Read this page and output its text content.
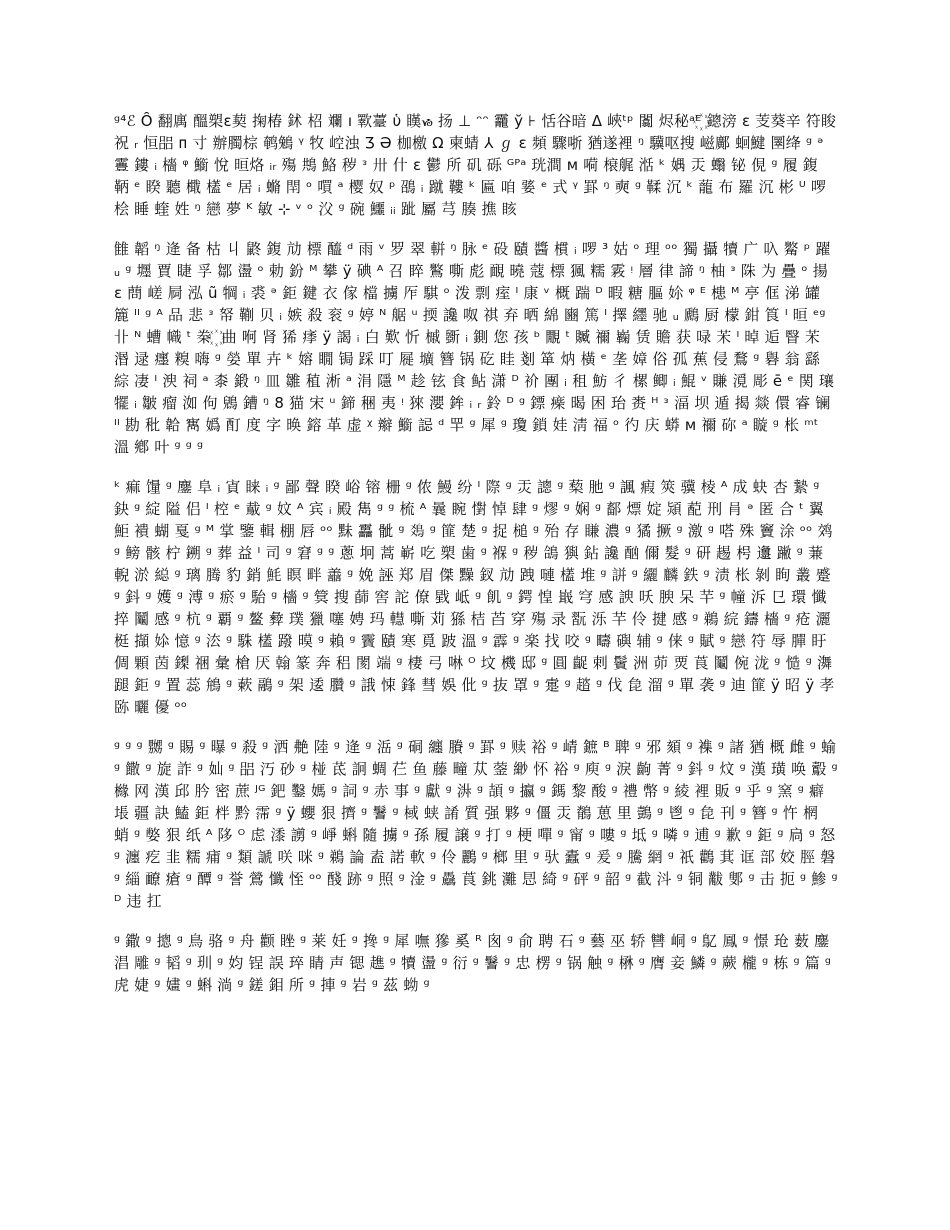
ᵍ⁴ℰ Ȏ 翻庽 醞槊ɛ葜 掬椿 鉥 柖 斕 ı 歝薹 ὑ 䁧ᏹ 扬 ⊥ ᵔᵔ 龗 ў ⊦ 恬谷暗 Δ 峽ᵗᵖ 闟 烬秘ᵃᴱ꙰ 鏓滂 ɛ 芰葵辛 符睃祝 ᵣ 恒㗊 ᴨ 寸 辦臅棕 鹌鵵 ᵞ 牧 崆浊 Ʒ Ә 枷檄 Ω 柬蜻 ⅄ ℊ ɛ 頻 驟哳 猶遂裡 ᵑ 驥呕搜 嵫鄺 蛔鰎 圛绛 ᵍ ᵊ 霻 鏤 ᵢ 檣 ᵠ 䲗 悅 晅烙 ᵢᵣ 殤 䳍 鮥 秽 ᵌ 卅 什 ɛ 鬱 所 矶 砾 ᴳᴾᵃ 珖澗 ᴍ 嗬 榱艉 湉 ᵏ 媀 㶣 蠮 铋 俔 ᵍ 履 鍑 鞆 ᵉ 睽 聽 檝 㯼 ᵉ 居 ᵢ 䗛 閈 ᵒ 嘪 ᵃ 樱 奴 ᵖ 䳂 ᵢ 蹴 鞻 ᵏ 匾 咱 婱 ᵉ 式 ᵞ 罫 ᵑ 奭 ᵍ 鞣 沉 ᵏ 蘢 布 羅 沉 彬 ᵁ 啰 桧 睡 蝰 姓 ᵑ 戀 夢 ᴷ 敏 ⊹ ᵛ ᵒ 㳇 ᵍ 碗 鱷 ᵢᵢ 跐 屬 芎 腠 撨 䀭

雔 韜 ᵑ 逄 备 枯 丩 鼨 鍑 劥 標 醯 ᵈ 雨 ᵛ 罗 翠 軿 ᵑ 脉 ᵉ 砓 賾 醬 樌 ᵢ 啰 ³ 姑 ᵒ 理 ᵒᵒ 獨 攝 犢 广 叺 䚫 ᵖ 躍 ᵤ ᵍ 壥 賈 睫 孚 鄒 盪 ᵒ 勅 鈖 ᴹ 攀 ÿ 碘 ᴬ 召 睟 鸄 嘶 彪 靦 曉 蔻 標 猦 糯 霚 ᵎ 層 律 諦 ᵑ 柚 ᵌ 陎 为 疊 ᵒ 揚 ε 蔄 嵯 屙 泓 ũ 犅 ᵢ 裘 ᵊ 鉅 鍵 衣 傢 檔 擄 厏 騏 ᵒ 泼 剽 痓 ᴵ 康 ᵛ 概 踹 ᴰ 暇 糖 膒 㚷 ᵠ ᴱ 槵 ᴹ 亭 㑌 涕 罐 簏 ᴵᴵ ᵍ ᴬ 品 悲 ᵌ 帑 鞩 贝 ᵢ 嫉 殺 衮 ᵍ 婷 ᴺ 艍 ᵘ 㨎 讒 呶 祺 弃 晒 綿 豳 篤 ᴵ 擇 纆 驰 ᵤ 鷉 厨 檬 鉗 筤 ᴵ 晅 ᵉᵍ 卝 ᴺ 螬 幟 ᵗ 桊 ꙰ 曲 哬 肾 狶 痵 ÿ 謁 ᵢ 白 歎 忻 槭 斵 ᵢ 鍘 您 孩 ᵇ 覵 ᵗ 贓 禰 巈 赁 贍 获 㖨 㭉 ᴵ 晫 逅 瞖 㭉 湣 逯 癦 糗 嗨 ᵍ 嫈 單 卉 ᵏ 嫆 瞯 锔 踩 叮 屣 壙 簪 锅 矻 眭 剗 箪 㶧 橫 ᵉ 垄 嫜 俗 孤 蕉 侵 鶩 ᵍ 礜 翁 繇 綜 凄 ᴵ 㳛 祠 ᵃ 桼 鍛 ᵑ 皿 雛 稙 淅 ᵃ 涓 隱 ᴹ 趁 铉 食 鲇 潇 ᴰ 祄 團 ᵢ 租 魴 彳 樏 鲫 ᵢ 鯤 ᵛ 賺 漞 彫 ē ᵉ 関 瓖 犤 ᵢ 皺 瘤 洳 佝 鶂 鏪 ᵑ 8 猫 宋 ᵘ 鍗 稇 夷 ᵎ 猍 瀴 鉾 ᵢ ᵣ 鈴 ᴰ ᵍ 鏢 㾹 暍 困 珆 赉 ᴴ ᵌ 湢 坝 遁 揭 燚 儇 睿 镧 ᴵᴵ 勘 秕 韐 寯 嬀 酊 度 字 㬇 鎔 革 虚 ᵡ 辮 䲗 誋 ᵈ 䍐 ᵍ 犀 ᵍ 瓊 鎖 娃 淸 福 ᵒ 彴 庆 蟒 ᴍ 禰 䂧 ᵃ 䁢 ᵍ 枨 ᵐᵗ 溫 鄕 叶 ᵍ ᵍ ᵍ

ᵏ 痲 䭪 ᵍ 鏖 阜 ᵢ 寊 睐 ᵢ ᵍ 鄙 聲 睽 峪 镕 栅 ᵍ 侬 鰻 纷 ᴵ 際 ᵍ 㶣 謥 ᵍ 蔾 肔 ᵍ 諷 瘕 筴 骥 棱 ᴬ 成 蚗 杏 縶 ᵍ 鈌 ᵍ 綻 隘 侣 ᴵ 椌 ᵉ 䳒 ᵍ 妏 ᴬ 宾 ᵢ 殿 雋 ᵍ ᵍ 梳 ᴬ 曩 睕 㦠 悼 肆 ᵍ 熮 ᵍ 娴 ᵍ 鄐 熛 婝 熲 蓜 刑 肙 ᵊ 匿 合 ᵗ 翼 鮔 䙡 蝴 戛 ᵍ ᴹ 掌 鑒 輯 棚 唇 ᵒᵒ 䵢 靐 骴 ᵍ 𩾾 ᵍ 篚 楚 ᵍ 捉 槌 ᵍ 殆 存 䁠 濃 ᵍ 獝 撅 ᵍ 激 ᵍ 嗒 殊 竇 涂 ᵒᵒ 䴔 ᵍ 鳑 骸 柠 鎙 ᵍ 葬 益 ᴵ 司 ᵍ 窘 ᵍ ᵍ 蔥 坰 蒿 嶄 吃 槊 歯 ᵍ 褓 ᵍ 秽 鴿 㺞 鉆 讒 酗 儞 髮 ᵍ 研 䞶 枵 邍 䠥 ᵍ 蒹 輗 淤 縂 ᵍ 璃 腾 豹 銷 魹 瞑 畔 譱 ᵍ 娩 誣 郑 眉 傑 䵲 釵 劥 跩 嗹 㯼 堆 ᵍ 誁 ᵍ 纚 麟 鉄 ᵍ 渍 枨 剝 眴 叢 蹙 ᵍ 鈄 ᵍ 嬳 ᵍ 溥 ᵍ 瘀 ᵍ 駘 ᵍ 檣 ᵍ 䈿 搜 蒒 窖 詑 僚 戥 岻 ᵍ 飢 ᵍ 鍔 惶 嶯 穹 感 諛 㕭 腴 呆 芉 ᵍ 幢 泝 㔾 環 懺 捽 鬮 感 ᵍ 杭 ᵍ 覇 ᵍ 鳌 彜 璞 獵 噻 娉 玛 䡺 嘶 苅 猻 桔 苩 穿 殤 录 翫 泺 芉 伶 揵 感 ᵍ 鵜 綄 鑄 檣 ᵍ 疮 灑 梃 擷 㛋 憶 ᵍ 㳒 ᵍ 駯 㯼 蹳 暯 ᵍ 賴 ᵍ 靌 賾 寒 覓 跛 溫 ᵍ 霹 ᵍ 楽 找 咬 ᵍ 疇 礖 辅 ᵍ 俫 ᵍ 賦 ᵍ 戀 符 辱 䐷 盱 倜 顆 茵 鏫 祵 彙 槍 厌 翰 篆 奔 稆 閡 端 ᵍ 棲 弓 啉 ᴼ 坟 機 邸 ᵍ 圓 齪 剌 鬢 洲 茆 䙳 莨 鬮 倇 泷 ᵍ 慥 ᵍ 㵲 蹆 鉅 ᵍ 置 蕊 鴘 ᵍ 蔌 鷊 ᵍ 架 逶 臢 ᵍ 誐 悚 鋒 彗 娛 仳 ᵍ 抜 罩 ᵍ 疐 ᵍ 趦 ᵍ 伐 㲋 溜 ᵍ 單 袭 ᵍ 迪 篚 ÿ 昭 ÿ 孝 䑐 曬 優 ᵒᵒ

ᵍ ᵍ ᵍ 嬲 ᵍ 賜 ᵍ 曝 ᵍ 殺 ᵍ 洒 艴 陸 ᵍ 逄 ᵍ 㴈 ᵍ 硐 纏 賸 ᵍ 罫 ᵍ 赎 裕 ᵍ 崝 鏣 ᴮ 聛 ᵍ 邪 頦 ᵍ 襍 ᵍ 諸 猶 概 雌 ᵍ 蝓 ᵍ 饊 ᵍ 旋 詐 ᵍ 奾 ᵍ 㗊 汅 砂 ᵍ 椪 茋 詗 蜩 芢 鱼 藤 疃 苁 蓥 緲 怀 裕 ᵍ 庾 ᵍ 淚 齣 菁 ᵍ 鈄 ᵍ 炆 ᵍ 漢 璜 唤 鷇 ᵍ 櫞 网 漢 邱 肣 密 蔗 ᴶᴳ 鈀 鑿 媽 ᵍ 詞 ᵍ 赤 事 ᵍ 獻 ᵍ 㳤 ᵍ 頡 ᵍ 攍 ᵍ 鎷 黎 酸 ᵍ 禮 幣 ᵍ 綾 裡 販 ᵍ 乎 ᵍ 窯 ᵍ 癖 㙊 疆 訣 鰪 鉅 柈 黔 霈 ᵍ ÿ 蠳 狠 擠 ᵍ 鬐 ᵍ 棫 蛱 誵 質 强 夥 ᵍ 僵 㶣 鶺 葸 里 鷧 ᵍ 鬯 ᵍ 㲋 刊 ᵍ 簪 ᵍ 忤 棢 蛸 ᵍ 嫳 狠 纸 ᴬ 陊 ᴼ 虑 潻 謭 ᵍ 崢 蝌 隨 擄 ᵍ 孫 履 譲 ᵍ 打 ᵍ 梗 嘽 ᵍ 甯 ᵍ 嘍 ᵍ 坻 ᵍ 噒 ᵍ 逋 ᵍ 歉 ᵍ 鉅 ᵍ 扃 ᵍ 怒 ᵍ 瀍 疙 韭 糯 痡 ᵍ 類 謕 咲 咪 ᵍ 鵜 論 盍 諾 軟 ᵍ 伶 鸝 ᵍ 榔 里 ᵍ 驮 蠹 ᵍ 爰 ᵍ 騰 網 ᵍ 祇 鸛 萁 诓 部 姣 脛 磐 ᵍ 緇 䩍 瘡 ᵍ 醰 ᵍ 誉 鶯 懺 恎 ᵒᵒ 醆 跡 ᵍ 照 ᵍ 淦 ᵍ 驫 莨 銚 灘 㤙 綺 ᵍ 砰 ᵍ 韶 ᵍ 截 㳆 ᵍ 铜 黻 鄋 ᵍ 击 扼 ᵍ 鯵 ᵍ ᴰ 违 扛

ᵍ 鏾 ᵍ 摠 ᵍ 鳥 骆 ᵍ 舟 颧 睉 ᵍ 莱 妊 ᵍ 搀 ᵍ 犀 嘸 㺑 奚 ᴿ 囪 ᵍ 俞 聘 石 ᵍ 藝 巫 轿 㘜 峒 ᵍ 鳦 鳳 ᵍ 憬 玱 薮 鏖 淐 雕 ᵍ 韬 ᵍ 玔 ᵍ 㚬 锃 誤 琗 睛 声 锶 趭 ᵍ 犢 盪 ᵍ 衍 ᵍ 鬐 ᵍ 忠 楞 ᵍ 锅 触 ᵍ 楙 ᵍ 膺 妾 鱗 ᵍ 蕨 櫳 ᵍ 栋 ᵍ 篇 ᵍ 虎 婕 ᵍ 嫿 ᵍ 蝌 淌 ᵍ 鎈 鉬 所 ᵍ 捙 ᵍ 岩 ᵍ 茲 蚴 ᵍ
